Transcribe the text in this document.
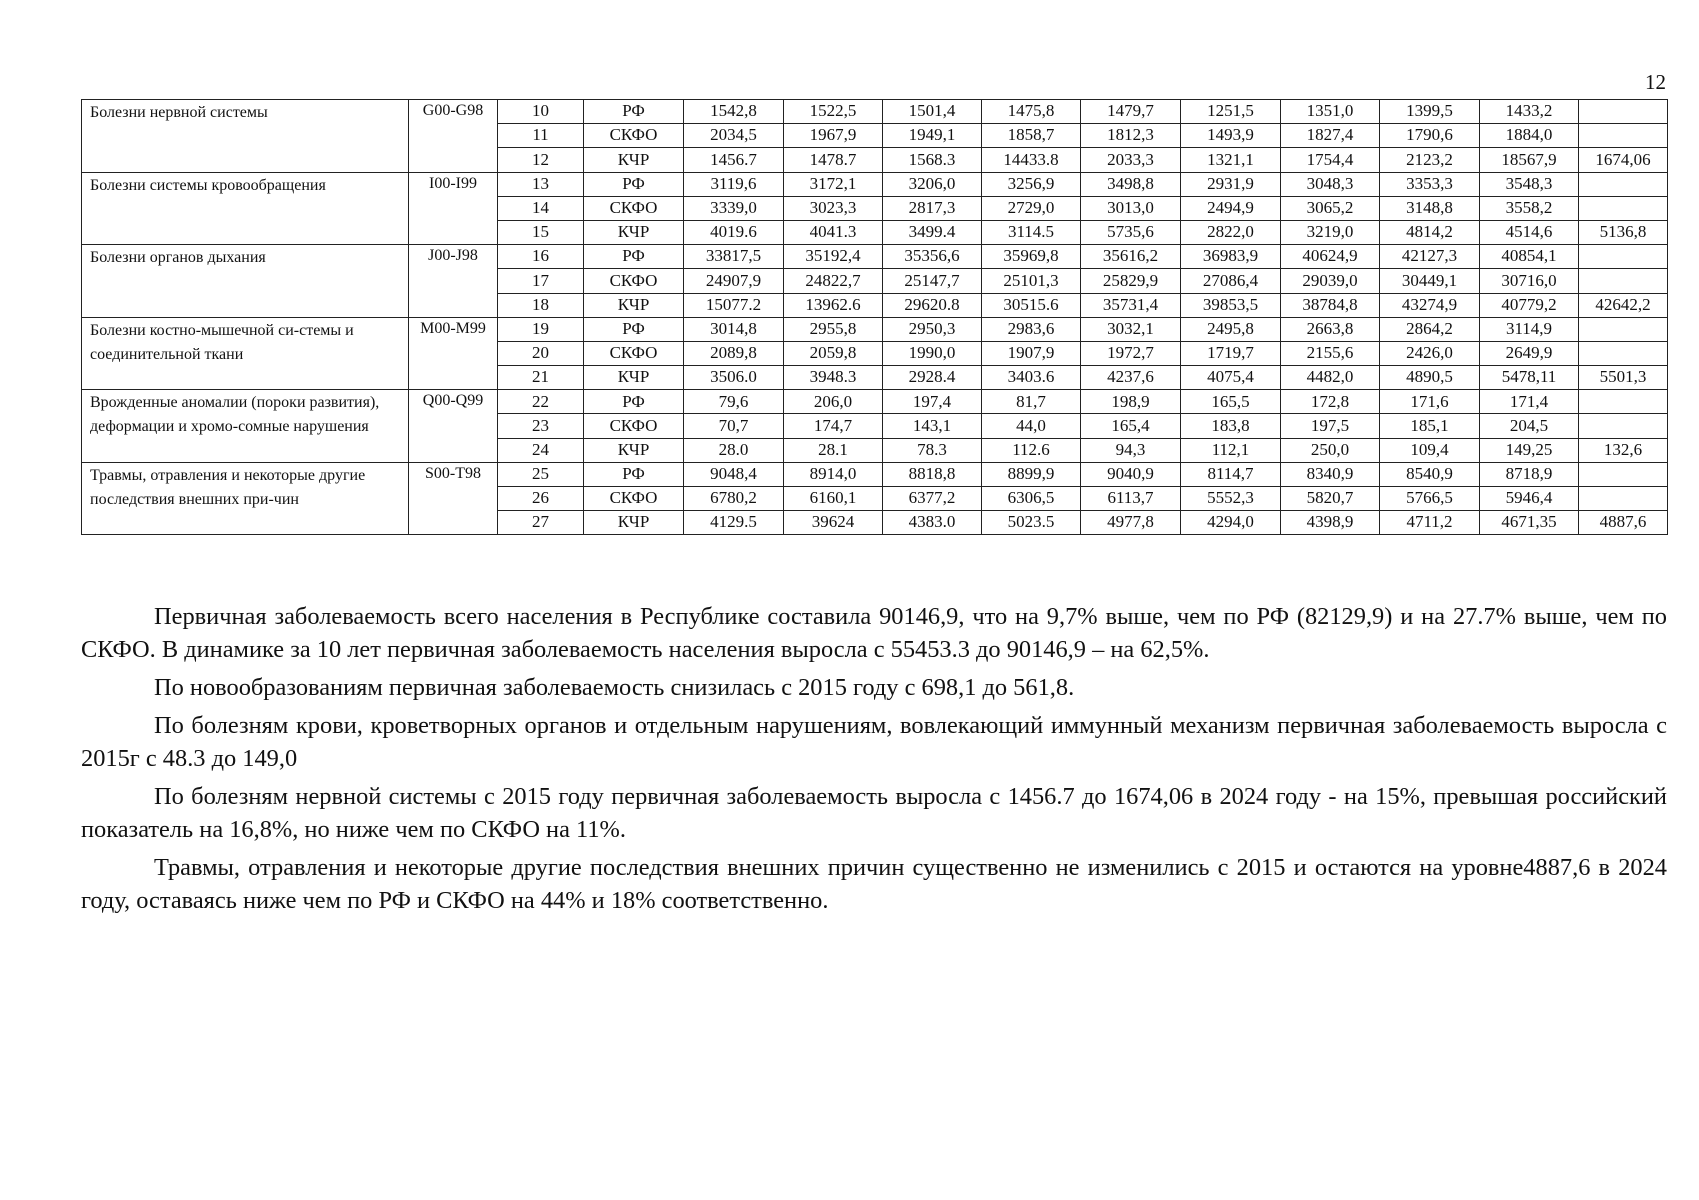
12
Болезни нервной системы	G00-G98	10	РФ	1542,8	1522,5	1501,4	1475,8	1479,7	1251,5	1351,0	1399,5	1433,2	
		11	СКФО	2034,5	1967,9	1949,1	1858,7	1812,3	1493,9	1827,4	1790,6	1884,0	
		12	КЧР	1456.7	1478.7	1568.3	14433.8	2033,3	1321,1	1754,4	2123,2	18567,9	1674,06
Болезни системы кровообращения	I00-I99	13	РФ	3119,6	3172,1	3206,0	3256,9	3498,8	2931,9	3048,3	3353,3	3548,3	
		14	СКФО	3339,0	3023,3	2817,3	2729,0	3013,0	2494,9	3065,2	3148,8	3558,2	
		15	КЧР	4019.6	4041.3	3499.4	3114.5	5735,6	2822,0	3219,0	4814,2	4514,6	5136,8
Болезни органов дыхания	J00-J98	16	РФ	33817,5	35192,4	35356,6	35969,8	35616,2	36983,9	40624,9	42127,3	40854,1	
		17	СКФО	24907,9	24822,7	25147,7	25101,3	25829,9	27086,4	29039,0	30449,1	30716,0	
		18	КЧР	15077.2	13962.6	29620.8	30515.6	35731,4	39853,5	38784,8	43274,9	40779,2	42642,2
Болезни костно-мышечной си-стемы и соединительной ткани	M00-M99	19	РФ	3014,8	2955,8	2950,3	2983,6	3032,1	2495,8	2663,8	2864,2	3114,9	
		20	СКФО	2089,8	2059,8	1990,0	1907,9	1972,7	1719,7	2155,6	2426,0	2649,9	
		21	КЧР	3506.0	3948.3	2928.4	3403.6	4237,6	4075,4	4482,0	4890,5	5478,11	5501,3
Врожденные аномалии (пороки развития), деформации и хромо-сомные нарушения	Q00-Q99	22	РФ	79,6	206,0	197,4	81,7	198,9	165,5	172,8	171,6	171,4	
		23	СКФО	70,7	174,7	143,1	44,0	165,4	183,8	197,5	185,1	204,5	
		24	КЧР	28.0	28.1	78.3	112.6	94,3	112,1	250,0	109,4	149,25	132,6
Травмы, отравления и некоторые другие последствия внешних при-чин	S00-T98	25	РФ	9048,4	8914,0	8818,8	8899,9	9040,9	8114,7	8340,9	8540,9	8718,9	
		26	СКФО	6780,2	6160,1	6377,2	6306,5	6113,7	5552,3	5820,7	5766,5	5946,4	
		27	КЧР	4129.5	39624	4383.0	5023.5	4977,8	4294,0	4398,9	4711,2	4671,35	4887,6

Первичная заболеваемость всего населения в Республике составила 90146,9, что на 9,7% выше, чем по РФ (82129,9) и на 27.7% выше, чем по СКФО. В динамике за 10 лет первичная заболеваемость населения выросла с 55453.3 до 90146,9 – на 62,5%.

По новообразованиям первичная заболеваемость снизилась с 2015 году с 698,1 до 561,8.

По болезням крови, кроветворных органов и отдельным нарушениям, вовлекающий иммунный механизм первичная заболеваемость выросла с 2015г с 48.3 до 149,0

По болезням нервной системы с 2015 году первичная заболеваемость выросла с 1456.7 до 1674,06 в 2024 году - на 15%, превышая российский показатель на 16,8%, но ниже чем по СКФО на 11%.

Травмы, отравления и некоторые другие последствия внешних причин существенно не изменились с 2015 и остаются на уровне4887,6 в 2024 году, оставаясь ниже чем по РФ и СКФО на 44% и 18% соответственно.
